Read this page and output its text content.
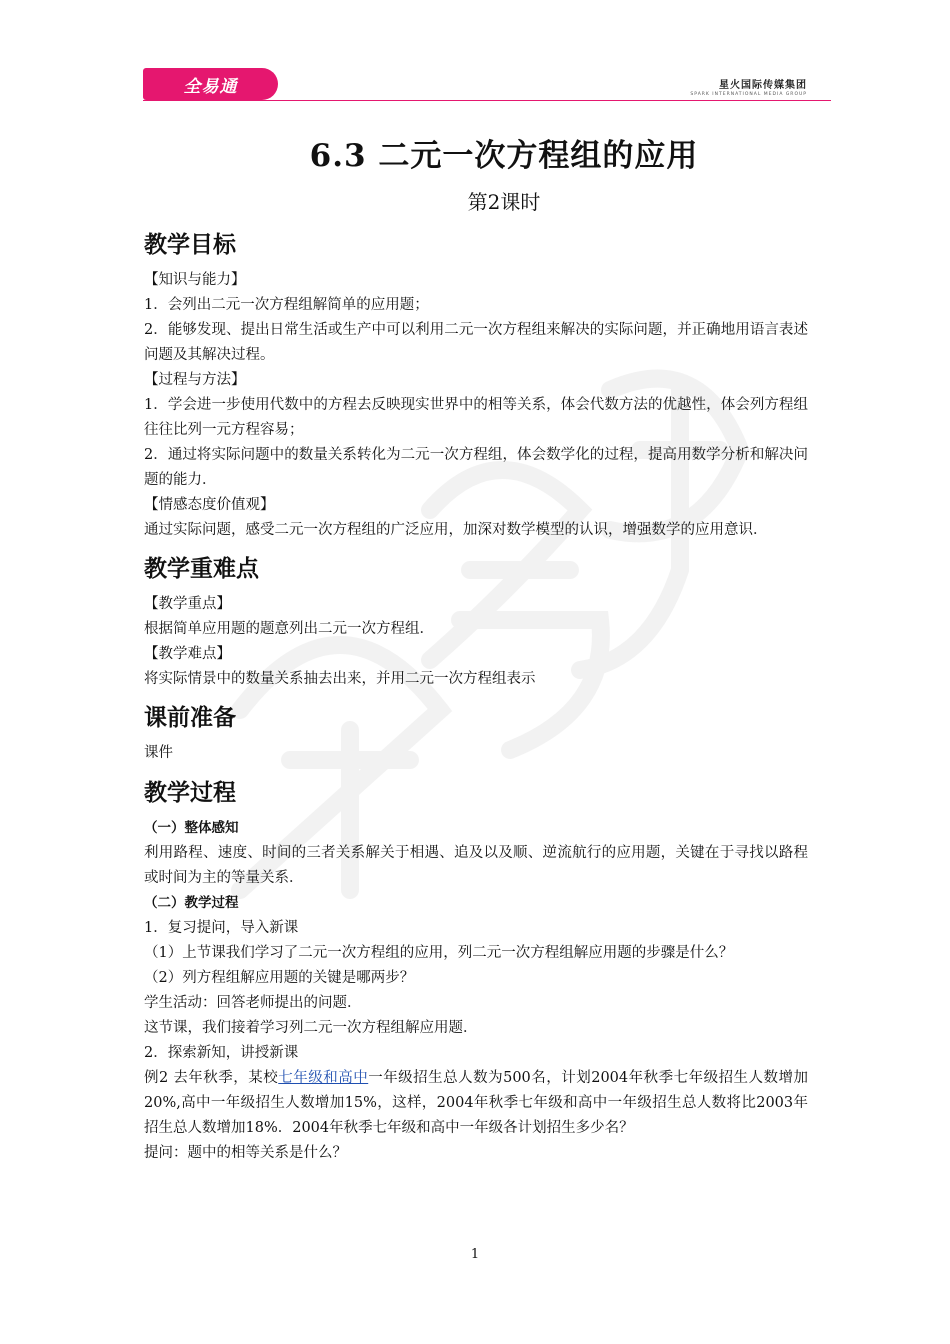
全易通	星火国际传媒集团
SPARK INTERNATIONAL MEDIA GROUP
6.3 二元一次方程组的应用
第2课时
教学目标

【知识与能力】

1．会列出二元一次方程组解简单的应用题；

2．能够发现、提出日常生活或生产中可以利用二元一次方程组来解决的实际问题，并正确地用语言表述问题及其解决过程。

【过程与方法】

1．学会进一步使用代数中的方程去反映现实世界中的相等关系，体会代数方法的优越性，体会列方程组往往比列一元方程容易；

2．通过将实际问题中的数量关系转化为二元一次方程组，体会数学化的过程，提高用数学分析和解决问题的能力．

【情感态度价值观】

通过实际问题，感受二元一次方程组的广泛应用，加深对数学模型的认识，增强数学的应用意识．

教学重难点

【教学重点】

根据简单应用题的题意列出二元一次方程组．

【教学难点】

将实际情景中的数量关系抽去出来，并用二元一次方程组表示

课前准备

课件

教学过程

（一）整体感知

利用路程、速度、时间的三者关系解关于相遇、追及以及顺、逆流航行的应用题，关键在于寻找以路程或时间为主的等量关系．

（二）教学过程

1．复习提问，导入新课

（1）上节课我们学习了二元一次方程组的应用，列二元一次方程组解应用题的步骤是什么？

（2）列方程组解应用题的关键是哪两步？

学生活动：回答老师提出的问题．

这节课，我们接着学习列二元一次方程组解应用题．

2．探索新知，讲授新课

例2 去年秋季，某校七年级和高中一年级招生总人数为500名，计划2004年秋季七年级招生人数增加20%,高中一年级招生人数增加15%，这样，2004年秋季七年级和高中一年级招生总人数将比2003年招生总人数增加18%．2004年秋季七年级和高中一年级各计划招生多少名？

提问：题中的相等关系是什么？

1
